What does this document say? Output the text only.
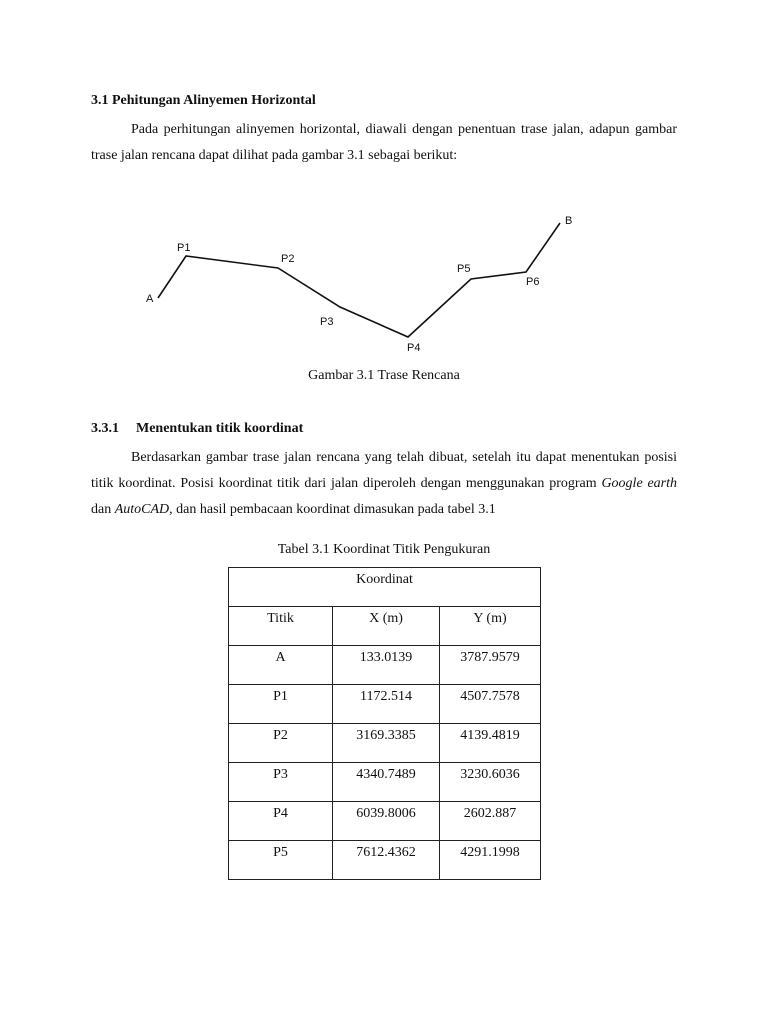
3.1 Pehitungan Alinyemen Horizontal

Pada perhitungan alinyemen horizontal, diawali dengan penentuan trase jalan, adapun gambar trase jalan rencana dapat dilihat pada gambar 3.1 sebagai berikut:

A
P1
P2
P3
P4
P5
P6
B

Gambar 3.1 Trase Rencana

3.3.1 Menentukan titik koordinat

Berdasarkan gambar trase jalan rencana yang telah dibuat, setelah itu dapat menentukan posisi titik koordinat. Posisi koordinat titik dari jalan diperoleh dengan menggunakan program Google earth dan AutoCAD, dan hasil pembacaan koordinat dimasukan pada tabel 3.1

Tabel 3.1 Koordinat Titik Pengukuran

Koordinat		
Titik	X (m)	Y (m)
A	133.0139	3787.9579
P1	1172.514	4507.7578
P2	3169.3385	4139.4819
P3	4340.7489	3230.6036
P4	6039.8006	2602.887
P5	7612.4362	4291.1998
